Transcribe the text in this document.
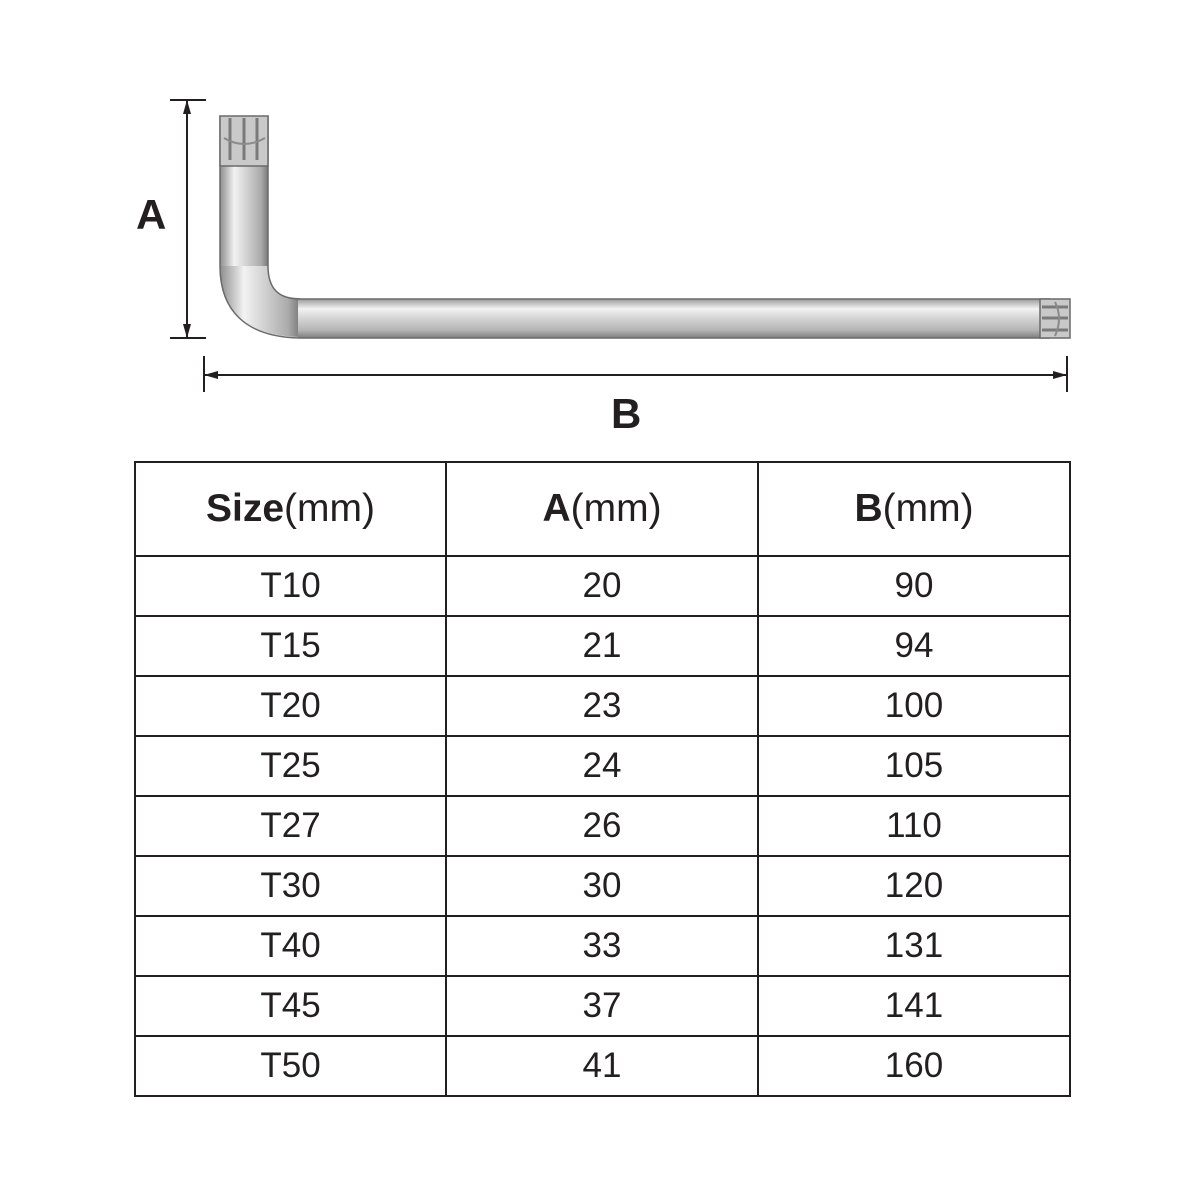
A
B
Size(mm)	A(mm)	B(mm)
T10	20	90
T15	21	94
T20	23	100
T25	24	105
T27	26	110
T30	30	120
T40	33	131
T45	37	141
T50	41	160
